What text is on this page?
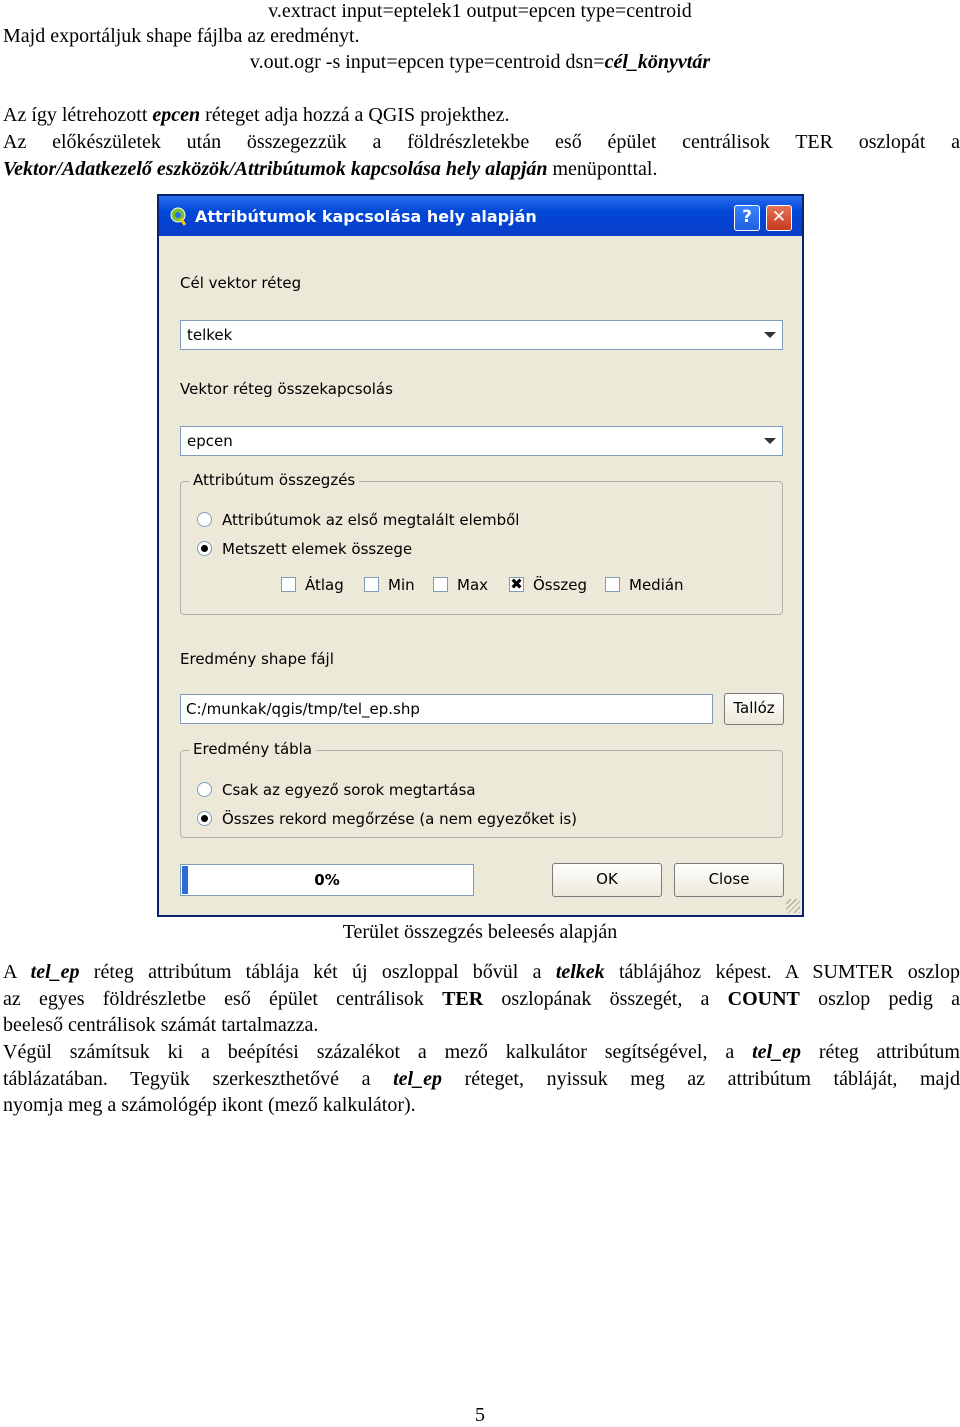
v.extract input=eptelek1 output=epcen type=centroid
Majd exportáljuk shape fájlba az eredményt.
v.out.ogr -s input=epcen type=centroid dsn=cél_könyvtár
Az így létrehozott epcen réteget adja hozzá a QGIS projekthez.
Az előkészületek után összegezzük a földrészletekbe eső épület centrálisok TER oszlopát a
Vektor/Adatkezelő eszközök/Attribútumok kapcsolása hely alapján menüponttal.
Attribútumok kapcsolása hely alapján	?	✕
Cél vektor réteg
telkek
Vektor réteg összekapcsolás
epcen
Attribútum összegzés
Attribútumok az első megtalált elemből
Metszett elemek összege
Átlag	Min	Max ✖ Összeg	Medián
Eredmény shape fájl
C:/munkak/qgis/tmp/tel_ep.shp	Tallóz
Eredmény tábla
Csak az egyező sorok megtartása
Összes rekord megőrzése (a nem egyezőket is)
0%	OK	Close
Terület összegzés beleesés alapján
A tel_ep réteg attribútum táblája két új oszloppal bővül a telkek táblájához képest. A SUMTER oszlop
az egyes földrészletbe eső épület centrálisok TER oszlopának összegét, a COUNT oszlop pedig a
beeleső centrálisok számát tartalmazza.
Végül számítsuk ki a beépítési százalékot a mező kalkulátor segítségével, a tel_ep réteg attribútum
táblázatában. Tegyük szerkeszthetővé a tel_ep réteget, nyissuk meg az attribútum tábláját, majd
nyomja meg a számológép ikont (mező kalkulátor).
5
